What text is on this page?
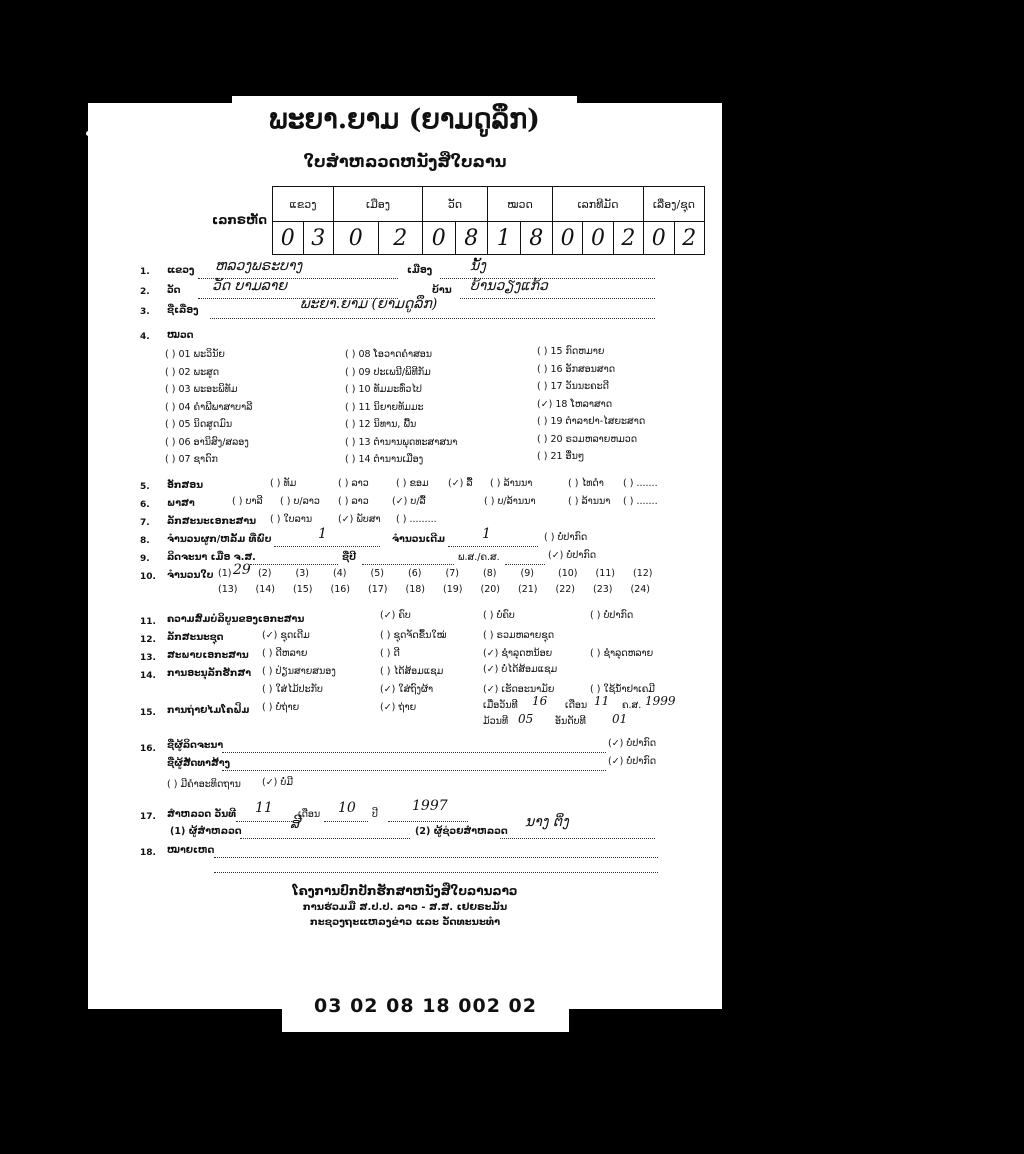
ພະຍາ.ຍາມ (ຍາມດູລຶກ)
ໃບສຳຫລວດຫນັງສືໃບລານ
ເລກຣຫັດ
ແຂວງ		ເມືອງ		ວັດ		ໝວດ		ເລກທີມັດ			ເລື່ອງ/ຊຸດ	
0	3	0	2	0	8	1	8	0	0	2	0	2
1. ແຂວງ ຫລວງພຣະບາງ	ເມືອງ	ນັ້ງ
2. ວັດ ວັດ ບາມລາຍ	ບ້ານ ບ້ານວຽງແກ້ວ
3. ຊື່ເລື່ອງ	ພະຍາ.ຍາມ (ຍາມດູລຶກ)
4. ໝວດ
( ) 01 ພະວິນັຍ
( ) 02 ພະສູດ
( ) 03 ພະອະພິທັມ
( ) 04 ຄຳພີພາສາບາລີ
( ) 05 ນິດສູດມົນ
( ) 06 ອານິສົງ/ສລອງ
( ) 07 ຊາດົກ
( ) 08 ໂອວາດຄຳສອນ
( ) 09 ປະເພນີ/ພິທີກັມ
( ) 10 ທັມມະທົ່ວໄປ
( ) 11 ນິຍາຍທັມມະ
( ) 12 ນິທານ, ພື້ນ
( ) 13 ຕຳນານພຸດທະສາສນາ
( ) 14 ຕຳນານເມືອງ
( ) 15 ກົດຫມາຍ
( ) 16 ອັກສອນສາດ
( ) 17 ວັນນະຄະດີ
(✓) 18 ໂຫລາສາດ
( ) 19 ຕຳລາຢາ-ໄສຍະສາດ
( ) 20 ຣວມຫລາຍຫມວດ
( ) 21 ອື່ນໆ
5. ອັກສອນ	( ) ທັມ	( ) ລາວ	( ) ຂອມ (✓) ລື້ ( ) ລ້ານນາ	( ) ໄທດຳ ( ) .......
6. ພາສາ	( ) ບາລີ ( ) ບ/ລາວ ( ) ລາວ (✓) ບ/ລື້	( ) ບ/ລ້ານນາ	( ) ລ້ານນາ ( ) .......
7. ລັກສະນະເອກະສານ ( ) ໃບລານ	(✓) ພັບສາ ( ) .........
8. ຈຳນວນຜູກ/ຫລັ້ມ ທີ່ພົບ	1	ຈຳນວນເດີມ	1	( ) ບໍ່ປາກົດ
9. ລິດຈະນາ ເມື່ອ ຈ.ສ.	ຊື່ປີ	ພ.ສ./ຄ.ສ.	(✓) ບໍ່ປາກົດ
10. ຈຳນວນໃບ (1) 29 (2)	(3)	(4)	(5)	(6)	(7)	(8)	(9)	(10) (11) (12)
(13) (14) (15) (16) (17) (18) (19) (20) (21) (22) (23) (24)
11. ຄວາມສົມບໍລິບູນຂອງເອກະສານ	(✓) ຄົບ	( ) ບໍ່ຄົບ	( ) ບໍ່ປາກົດ
12. ລັກສະນະຊຸດ	(✓) ຊຸດເດີມ	( ) ຊຸດຈັດຂຶ້ນໃໝ່	( ) ຣວມຫລາຍຊຸດ
13. ສະພາບເອກະສານ ( ) ດີຫລາຍ	( ) ດີ	(✓) ຊຳລຸດຫນ້ອຍ	( ) ຊຳລຸດຫລາຍ
14. ການອະນຸລັກຮັກສາ ( ) ປ່ຽນສາຍສນອງ	( ) ໄດ້ສ້ອມແຊມ	(✓) ບໍ່ໄດ້ສ້ອມແຊມ
( ) ໃສ່ໄມ້ປະກັບ	(✓) ໃສ່ຖົງຜ້າ	(✓) ເຮັດອະນາມັຍ	( ) ໃຊ້ນ້ຳຢາເຄມີ
15. ການຖ່າຍໄມໂຄຟິມ ( ) ບໍ່ຖ່າຍ	(✓) ຖ່າຍ	ເມື່ອວັນທີ 16 ເດືອນ 11 ຄ.ສ. 1999
ມ້ວນທີ 05 ອັນດັບທີ 01
16. ຊື່ຜູ້ລິດຈະນາ	(✓) ບໍ່ປາກົດ
ຊື່ຜູ້ສັດທາສ້າງ	(✓) ບໍ່ປາກົດ
( ) ມີຄຳອະທິດຖານ (✓) ບໍ່ມີ
17. ສຳຫລວດ ວັນທີ 11	ເດືອນ 10 ປີ
1997
(1) ຜູ້ສຳຫລວດ	ສີ	(2) ຜູ້ຊ່ວຍສຳຫລວດ
ນາງ ຕິ່ງ
18. ໝາຍເຫດ
ໂຄງການປົກປັກຮັກສາຫນັງສືໃບລານລາວ
ການຮ່ວມມື ສ.ປ.ປ. ລາວ - ສ.ສ. ເຢຍຣະມັນ
ກະຊວງຖະແຫລງຂ່າວ ແລະ ວັດທະນະທຳ
03 02 08 18 002 02
